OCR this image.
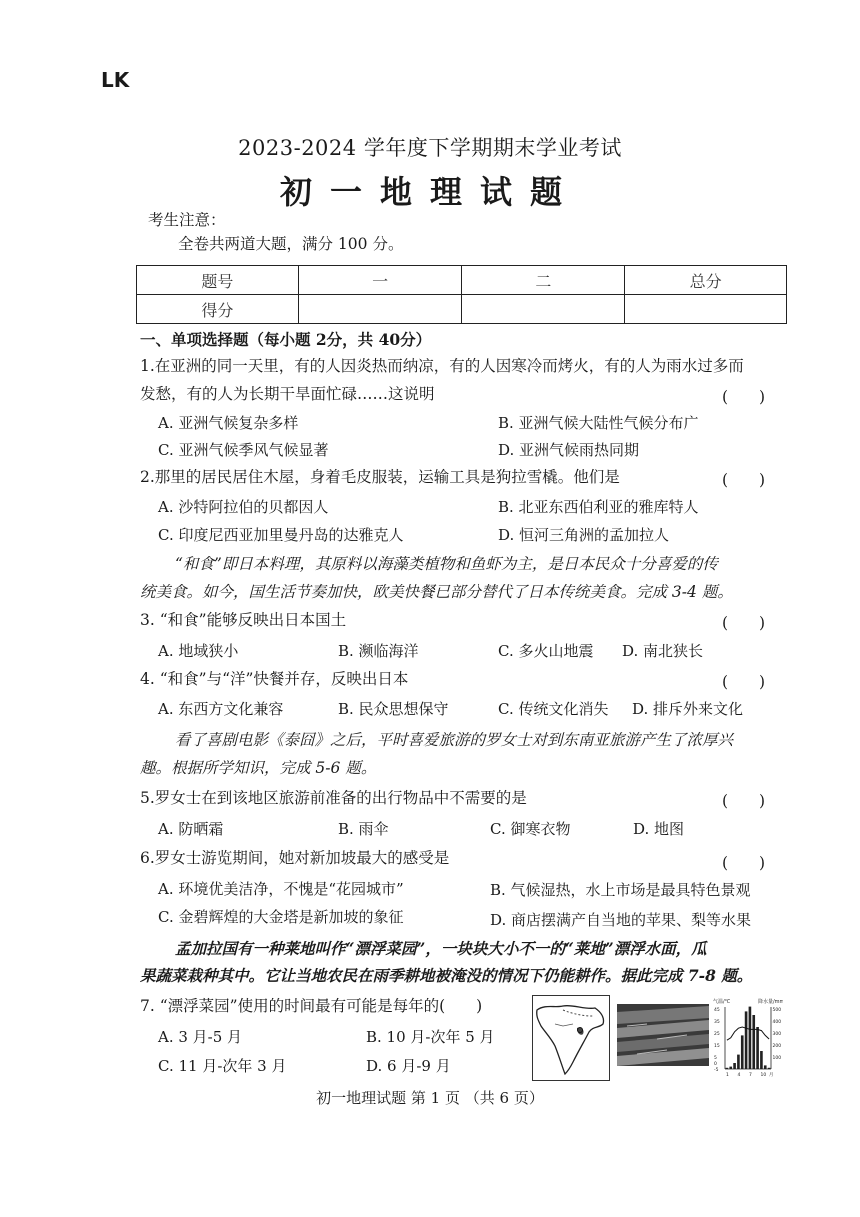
LK
2023-2024 学年度下学期期末学业考试
初一地理试题
考生注意：
全卷共两道大题，满分 100 分。
题号	一	二	总分
得分			
一、单项选择题（每小题 2分，共 40分）
1.在亚洲的同一天里，有的人因炎热而纳凉，有的人因寒冷而烤火，有的人为雨水过多而
发愁，有的人为长期干旱面忙碌……这说明	(　　)
A. 亚洲气候复杂多样	B. 亚洲气候大陆性气候分布广
C. 亚洲气候季风气候显著	D. 亚洲气候雨热同期
2.那里的居民居住木屋，身着毛皮服装，运输工具是狗拉雪橇。他们是	(　　)
A. 沙特阿拉伯的贝都因人	B. 北亚东西伯利亚的雅库特人
C. 印度尼西亚加里曼丹岛的达雅克人	D. 恒河三角洲的孟加拉人
“和食”即日本料理，其原料以海藻类植物和鱼虾为主，是日本民众十分喜爱的传
统美食。如今，国生活节奏加快，欧美快餐已部分替代了日本传统美食。完成 3-4 题。
3. “和食”能够反映出日本国土	(　　)
A. 地域狭小	B. 濒临海洋	C. 多火山地震 D. 南北狭长
4. “和食”与“洋”快餐并存，反映出日本	(　　)
A. 东西方文化兼容	B. 民众思想保守	C. 传统文化消失 D. 排斥外来文化
看了喜剧电影《泰囧》之后，平时喜爱旅游的罗女士对到东南亚旅游产生了浓厚兴
趣。根据所学知识，完成 5-6 题。
5.罗女士在到该地区旅游前准备的出行物品中不需要的是	(　　)
A. 防晒霜	B. 雨伞	C. 御寒衣物	D. 地图
6.罗女士游览期间，她对新加坡最大的感受是	(　　)
A. 环境优美洁净，不愧是“花园城市”	B. 气候湿热，水上市场是最具特色景观
C. 金碧辉煌的大金塔是新加坡的象征	D. 商店摆满产自当地的苹果、梨等水果
孟加拉国有一种莱地叫作“漂浮菜园”，一块块大小不一的“莱地”漂浮水面，瓜
果蔬菜栽种其中。它让当地农民在雨季耕地被淹没的情况下仍能耕作。据此完成 7-8 题。
7. “漂浮菜园”使用的时间最有可能是每年的(　　)
A. 3 月-5 月	B. 10 月-次年 5 月
C. 11 月-次年 3 月	D. 6 月-9 月
气温/℃	降水量/mm
45
35
25
15
5
0
-5
500
400
300
200
100
1 4 7 10 月
初一地理试题 第 1 页 （共 6 页）
